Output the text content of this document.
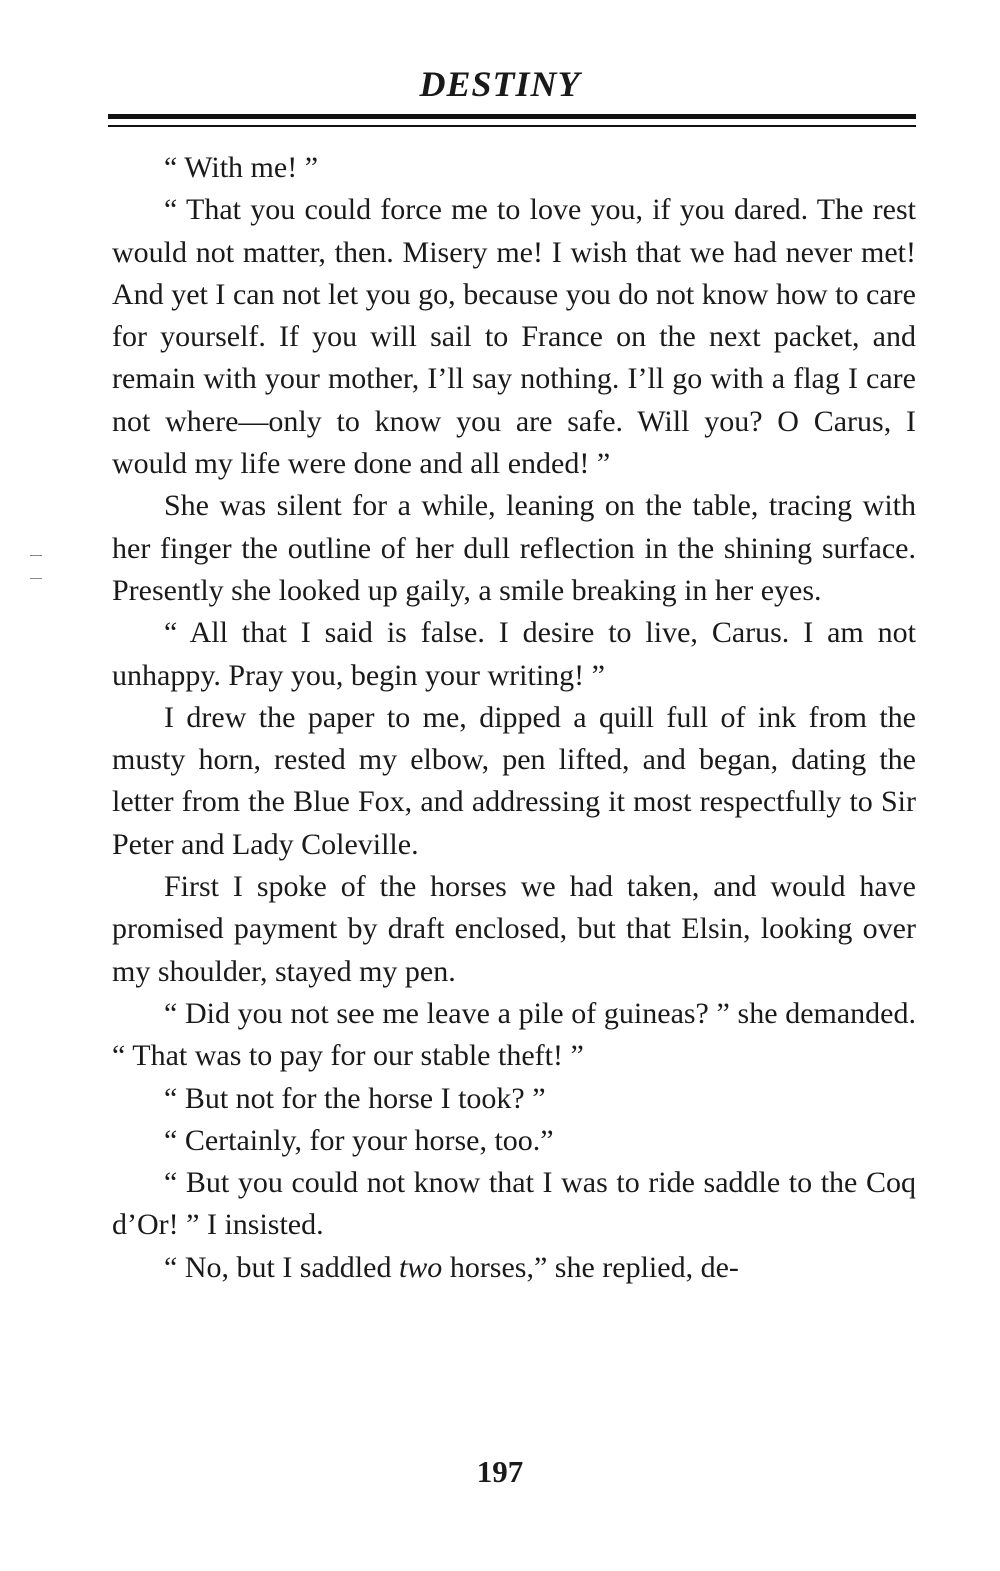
DESTINY

“ With me! ”

“ That you could force me to love you, if you dared. The rest would not matter, then. Misery me! I wish that we had never met! And yet I can not let you go, because you do not know how to care for yourself. If you will sail to France on the next packet, and remain with your mother, I’ll say nothing. I’ll go with a flag I care not where—only to know you are safe. Will you? O Carus, I would my life were done and all ended! ”

She was silent for a while, leaning on the table, tracing with her finger the outline of her dull reflection in the shining surface. Presently she looked up gaily, a smile breaking in her eyes.

“ All that I said is false. I desire to live, Carus. I am not unhappy. Pray you, begin your writing! ”

I drew the paper to me, dipped a quill full of ink from the musty horn, rested my elbow, pen lifted, and began, dating the letter from the Blue Fox, and addressing it most respectfully to Sir Peter and Lady Coleville.

First I spoke of the horses we had taken, and would have promised payment by draft enclosed, but that Elsin, looking over my shoulder, stayed my pen.

“ Did you not see me leave a pile of guineas? ” she demanded. “ That was to pay for our stable theft! ”

“ But not for the horse I took? ”

“ Certainly, for your horse, too.”

“ But you could not know that I was to ride saddle to the Coq d’Or! ” I insisted.

“ No, but I saddled two horses,” she replied, de-

197
